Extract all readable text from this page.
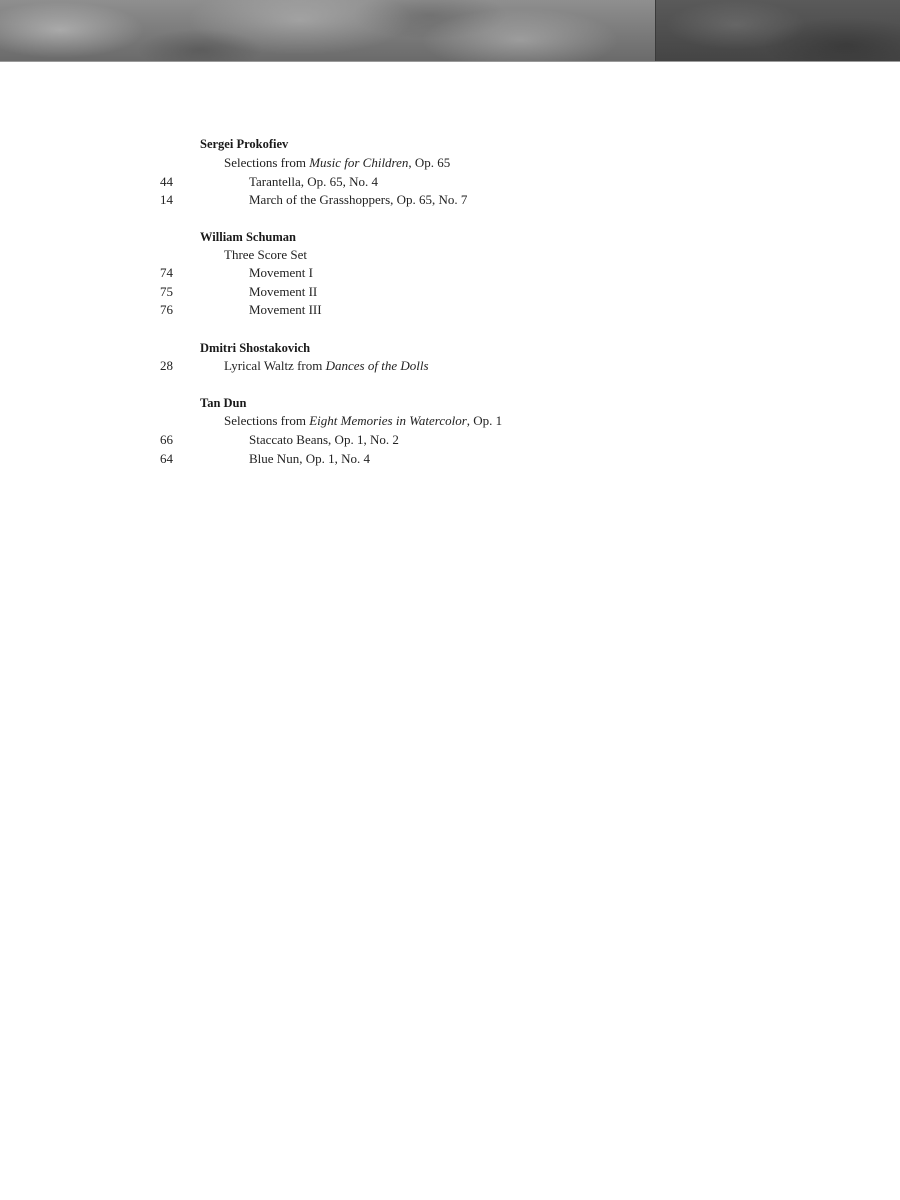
Sergei Prokofiev
Selections from Music for Children, Op. 65
44	Tarantella, Op. 65, No. 4
14	March of the Grasshoppers, Op. 65, No. 7
William Schuman
Three Score Set
74	Movement I
75	Movement II
76	Movement III
Dmitri Shostakovich
28	Lyrical Waltz from Dances of the Dolls
Tan Dun
Selections from Eight Memories in Watercolor, Op. 1
66	Staccato Beans, Op. 1, No. 2
64	Blue Nun, Op. 1, No. 4
